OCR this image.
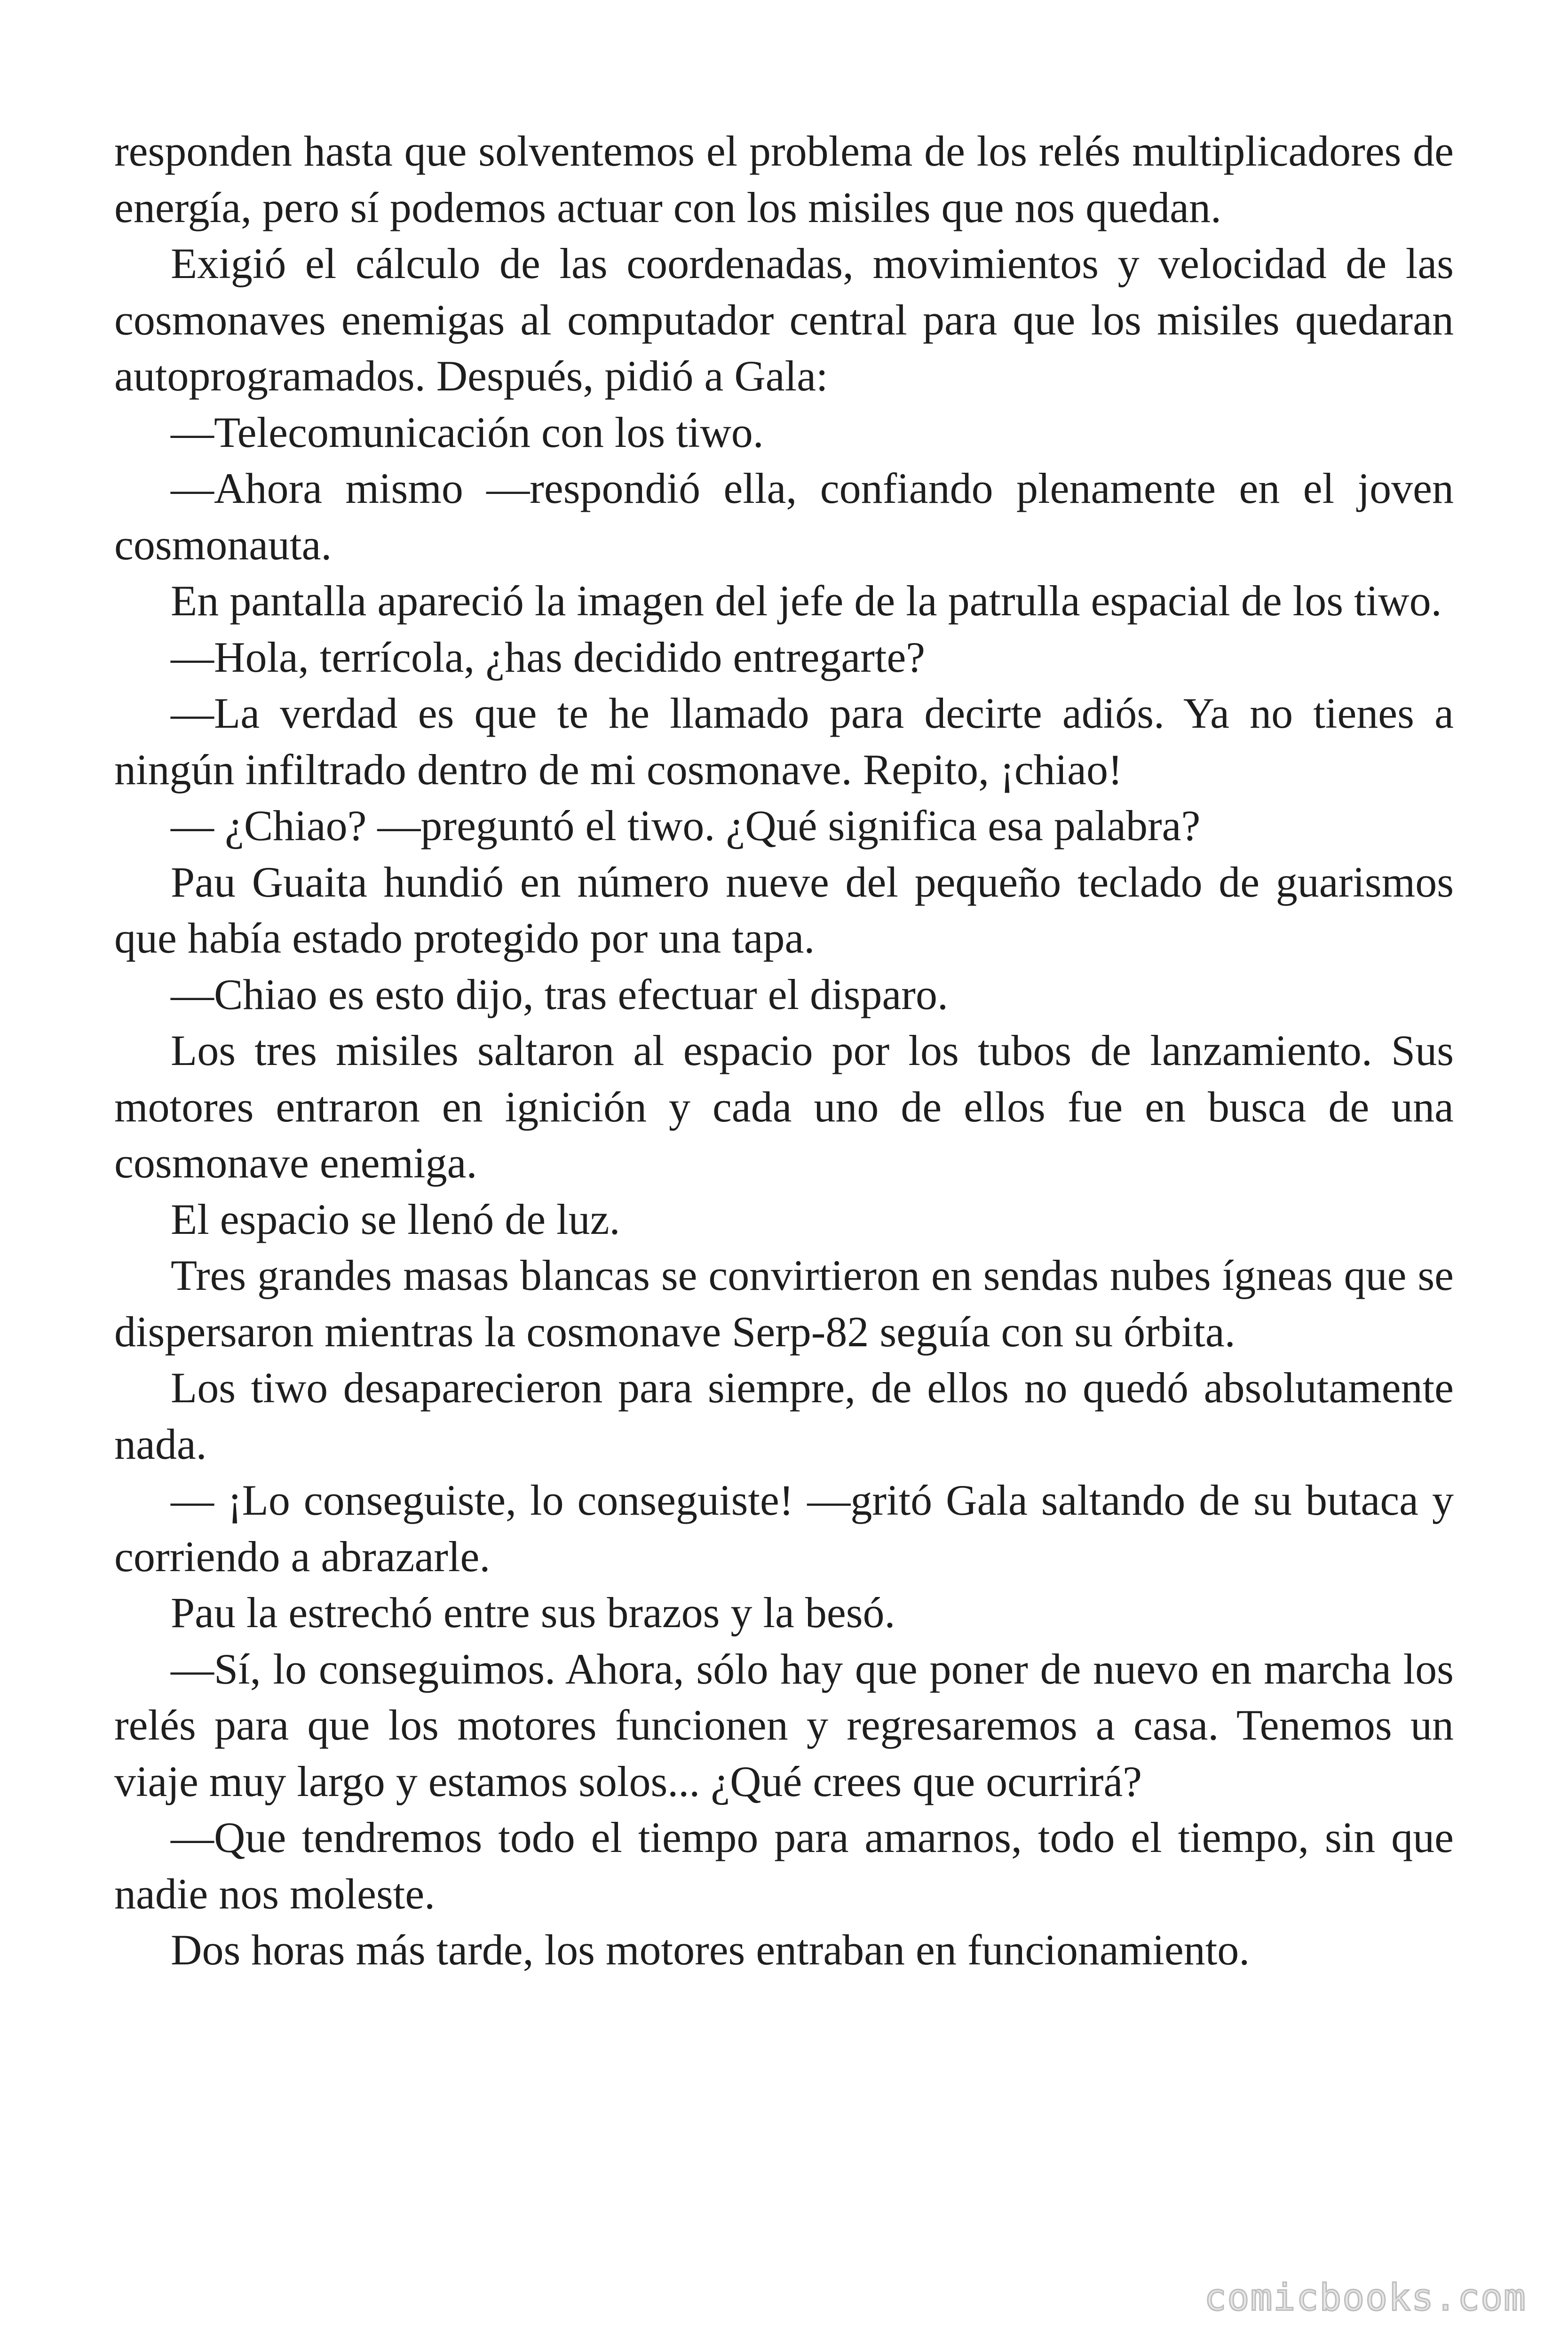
responden hasta que solventemos el problema de los relés multiplicadores de energía, pero sí podemos actuar con los misiles que nos quedan.

Exigió el cálculo de las coordenadas, movimientos y velocidad de las cosmonaves enemigas al computador central para que los misiles quedaran autoprogramados. Después, pidió a Gala:

—Telecomunicación con los tiwo.

—Ahora mismo —respondió ella, confiando plenamente en el joven cosmonauta.

En pantalla apareció la imagen del jefe de la patrulla espacial de los tiwo.

—Hola, terrícola, ¿has decidido entregarte?

—La verdad es que te he llamado para decirte adiós. Ya no tienes a ningún infiltrado dentro de mi cosmonave. Repito, ¡chiao!

— ¿Chiao? —preguntó el tiwo. ¿Qué significa esa palabra?

Pau Guaita hundió en número nueve del pequeño teclado de guarismos que había estado protegido por una tapa.

—Chiao es esto dijo, tras efectuar el disparo.

Los tres misiles saltaron al espacio por los tubos de lanzamiento. Sus motores entraron en ignición y cada uno de ellos fue en busca de una cosmonave enemiga.

El espacio se llenó de luz.

Tres grandes masas blancas se convirtieron en sendas nubes ígneas que se dispersaron mientras la cosmonave Serp-82 seguía con su órbita.

Los tiwo desaparecieron para siempre, de ellos no quedó absolutamente nada.

— ¡Lo conseguiste, lo conseguiste! —gritó Gala saltando de su butaca y corriendo a abrazarle.

Pau la estrechó entre sus brazos y la besó.

—Sí, lo conseguimos. Ahora, sólo hay que poner de nuevo en marcha los relés para que los motores funcionen y regresaremos a casa. Tenemos un viaje muy largo y estamos solos... ¿Qué crees que ocurrirá?

—Que tendremos todo el tiempo para amarnos, todo el tiempo, sin que nadie nos moleste.

Dos horas más tarde, los motores entraban en funcionamiento.

comicbooks.com
